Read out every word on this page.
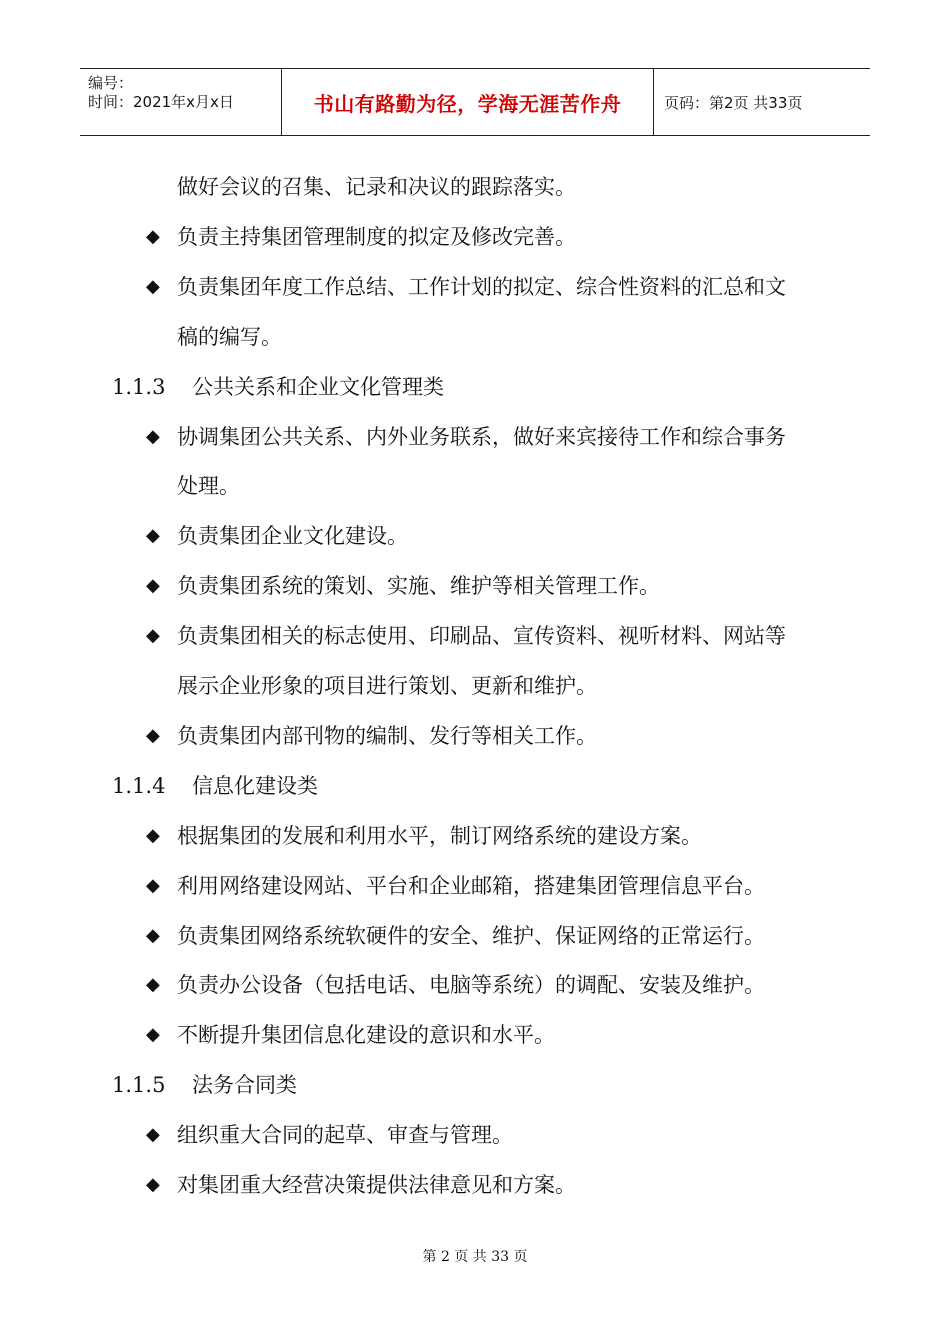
编号：
时间：2021年x月x日	书山有路勤为径，学海无涯苦作舟	页码：第2页 共33页
做好会议的召集、记录和决议的跟踪落实。
◆ 负责主持集团管理制度的拟定及修改完善。
◆ 负责集团年度工作总结、工作计划的拟定、综合性资料的汇总和文
稿的编写。
1.1.3 公共关系和企业文化管理类
◆ 协调集团公共关系、内外业务联系，做好来宾接待工作和综合事务
处理。
◆ 负责集团企业文化建设。
◆ 负责集团系统的策划、实施、维护等相关管理工作。
◆ 负责集团相关的标志使用、印刷品、宣传资料、视听材料、网站等
展示企业形象的项目进行策划、更新和维护。
◆ 负责集团内部刊物的编制、发行等相关工作。
1.1.4 信息化建设类
◆ 根据集团的发展和利用水平，制订网络系统的建设方案。
◆ 利用网络建设网站、平台和企业邮箱，搭建集团管理信息平台。
◆ 负责集团网络系统软硬件的安全、维护、保证网络的正常运行。
◆ 负责办公设备（包括电话、电脑等系统）的调配、安装及维护。
◆ 不断提升集团信息化建设的意识和水平。
1.1.5 法务合同类
◆ 组织重大合同的起草、审查与管理。
◆ 对集团重大经营决策提供法律意见和方案。
第 2 页 共 33 页
